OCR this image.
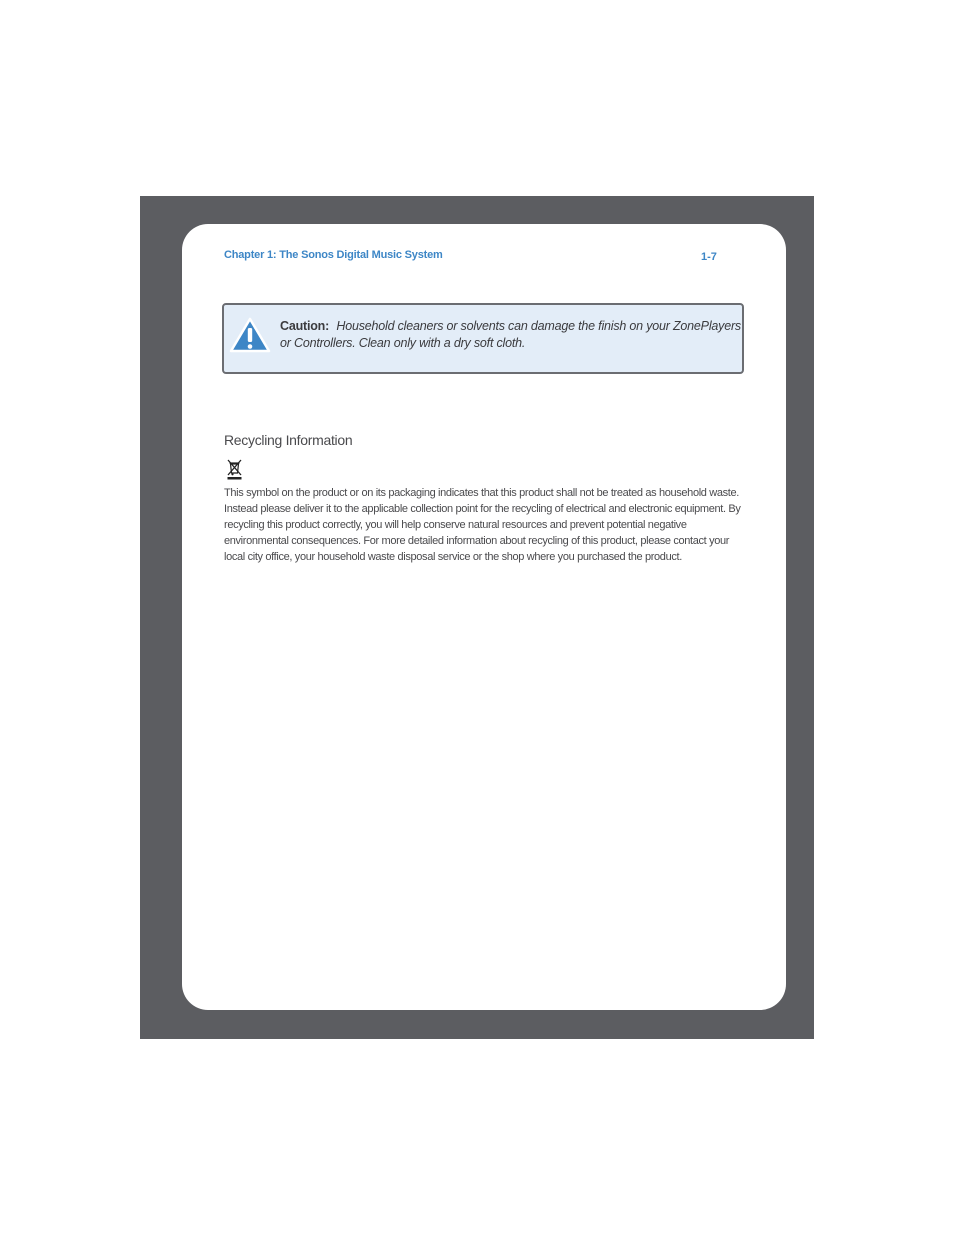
Chapter 1: The Sonos Digital Music System	1-7
Caution: Household cleaners or solvents can damage the finish on your ZonePlayers or Controllers. Clean only with a dry soft cloth.
Recycling Information
This symbol on the product or on its packaging indicates that this product shall not be treated as household waste. Instead please deliver it to the applicable collection point for the recycling of electrical and electronic equipment. By recycling this product correctly, you will help conserve natural resources and prevent potential negative environmental consequences. For more detailed information about recycling of this product, please contact your local city office, your household waste disposal service or the shop where you purchased the product.
